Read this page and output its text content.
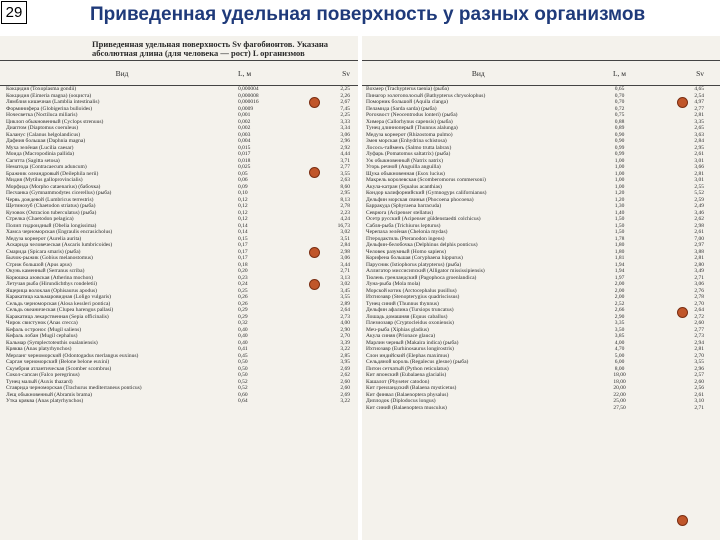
29	Приведенная удельная поверхность у разных организмов
Приведенная удельная поверхность Sv фагобионтов. Указана абсолютная длина (для человека — рост) L организмов
Вид	L, м	Sv
Кокцидия (Toxoplasma gondii)	0,000004	2,25
Кокцидия (Eimeria magna) (ооциста)	0,000008	2,26
Лямблия кишечная (Lamblia intestinalis)	0,000016	2,67
Форминифера (Globigerina bulloides)	0,0009	7,45
Ночесветка (Noctiluca miliaris)	0,001	2,25
Циклоп обыкновенный (Cyclops strenuus)	0,002	3,33
Диаптом (Diaptomus coeruleus)	0,002	3,34
Каланус (Calanus helgolandicus)	0,003	3,06
Дафния большая (Daphnia magna)	0,004	2,96
Муха зелёная (Lucilia caesar)	0,015	2,92
Моида (Macropodinia pallida)	0,017	4,44
Сагитта (Sagitta setosa)	0,018	3,71
Нематода (Contracaecum aduncum)	0,025	2,77
Бражник олеандровый (Deilephila nerii)	0,05	3,55
Мидия (Mytilus galloprovincialis)	0,06	2,63
Морфида (Morpho cataenarius) (бабочка)	0,09	8,60
Песчанка (Gymnammodytes cicerellus) (рыба)	0,10	2,95
Червь дождевой (Lumbricus terrestris)	0,12	8,13
Щетинозуб (Chaetodon striatus) (рыба)	0,12	2,78
Кузовок (Ostracion tuberculatus) (рыба)	0,12	2,23
Стрелка (Chaetodon pelagica)	0,12	4,24
Полип гидроидный (Obelia longissima)	0,14	16,73
Хамса черноморская (Engraulis encrasicholus)	0,14	3,02
Медуза корнерот (Aurelia aurita)	0,15	3,51
Аскарида человеческая (Ascaris lumbricoides)	0,17	2,84
Смарида (Spicara smaris) (рыба)	0,17	2,98
Бычок-рыжик (Gobius melanostomus)	0,17	3,06
Стриж большой (Apus apus)	0,18	3,44
Окунь каменный (Serranus scriba)	0,20	2,71
Корюшка азовская (Atherina mochon)	0,23	3,13
Летучая рыба (Hirundichthys rondeletii)	0,24	3,02
Ящерица волоклая (Ophisaurus apodus)	0,25	3,45
Каракатица кальмаровидная (Loligo vulgaris)	0,26	3,55
Сельдь черноморская (Alosa kessleri pontica)	0,26	2,89
Сельдь океаническая (Clupea harengus pallasi)	0,29	2,64
Каракатица лекарственная (Sepia officinalis)	0,29	2,73
Чирок свистунок (Anas crecca)	0,32	4,00
Кефаль остронос (Mugil saliens)	0,40	2,90
Кефаль лобан (Mugil cephalus)	0,40	2,70
Кальмар (Symplectoteuthis oualaniensis)	0,40	3,39
Кряква (Anas platyrhynchos)	0,41	3,22
Мерланг черноморский (Odontogadus merlangus euxinus)	0,45	2,85
Сарган черноморский (Belone belone euxini)	0,50	3,95
Скумбрия атлантическая (Scomber scombrus)	0,50	2,69
Сокол-сапсан (Falco peregrinus)	0,50	2,62
Тунец малый (Auxis thazard)	0,52	2,60
Ставрида черноморская (Trachurus mediterraneus ponticus)	0,52	2,60
Лещ обыкновенный (Abramis brama)	0,60	2,69
Утка кряква (Anas platyrhynchos)	0,64	3,22
Вид	L, м	Sv
Вохмер (Trachypterus taenia) (рыба)	0,65	4,65
Пинагор золотополосый (Bathypterus chrysolophus)	0,70	2,54
Поморник большой (Aquila clanga)	0,70	4,97
Пеламида (Sarda sarda) (рыба)	0,72	2,77
Рогохвост (Neocentrodus lonteri) (рыба)	0,75	2,81
Химера (Callorhynus capensis) (рыба)	0,88	3,35
Тунец длинноперый (Thunnus alalunga)	0,89	2,65
Медуза корнерот (Rhizostoma pulmo)	0,90	3,63
Змея морская (Enhydrina schistosa)	0,90	2,84
Лосось-тайменъ (Salmo trutta labrax)	0,99	2,95
Луфарь (Pomatomus saltatrix) (рыба)	0,99	2,61
Уж обыкновенный (Natrix natrix)	1,00	3,01
Угорь речной (Anguilla anguilla)	1,00	3,66
Щука обыкновенная (Esox lucius)	1,00	2,81
Макрель королевская (Scomberomorus commersoni)	1,00	3,01
Акула-катран (Squalus acanthias)	1,00	2,55
Кондор калифорнийский (Gymnogyps californianus)	1,20	5,52
Дельфин морская свинья (Phocoena phocoena)	1,20	2,59
Барракуда (Sphyraena barracuda)	1,30	2,49
Севрюга (Acipenser stellatus)	1,40	3,46
Осетр русский (Acipenser güldenstaedti colchicus)	1,50	2,62
Сабля-рыба (Trichiurus lepturus)	1,50	2,98
Черепаха зелёная (Chelonia mydas)	1,50	2,61
Птеродактиль (Pteranodon ingens)	1,78	7,00
Дельфин-белобочка (Delphinus delphis ponticus)	1,80	2,97
Человек разумный (Homo sapiens)	1,80	3,88
Корифена большая (Coryphaena hippurus)	1,81	2,81
Парусник (Istiophorus platypterus) (рыба)	1,94	2,80
Аллигатор миссисипский (Alligator mississipiensis)	1,94	3,49
Тюлень гренландский (Pagophoca groenlandica)	1,97	2,71
Луна-рыба (Mola mola)	2,00	3,06
Морской котик (Arctocephalus pusillus)	2,00	2,76
Ихтиозавр (Stenopterygius quadriscissus)	2,00	2,78
Тунец синий (Thunnus thynnus)	2,52	2,70
Дельфин афалина (Tursiops truncatus)	2,66	2,64
Лошадь домашняя (Equus caballus)	2,90	2,72
Плезиозавр (Cryptocleidus oxoniensis)	3,35	2,60
Меч-рыба (Xiphias gladius)	3,50	2,77
Акула синяя (Prionace glauca)	3,85	2,73
Марлин черный (Makaira indica) (рыба)	4,00	2,94
Ихтиозавр (Eurhinosaurus longirostris)	4,70	2,81
Слон индийский (Elephas maximus)	5,00	2,70
Сельдяной король (Regalecus glesne) (рыба)	6,00	3,55
Питон сетчатый (Python reticulatus)	8,00	2,96
Кит японский (Eubalaena glacialis)	18,00	2,57
Кашалот (Physeter catodon)	18,00	2,60
Кит гренландский (Balaena mysticetus)	20,00	2,56
Кит финвал (Balaenoptera physalus)	22,00	2,61
Диплодок (Diplodocus longus)	25,00	3,10
Кит синий (Balaenoptera musculus)	27,50	2,71
